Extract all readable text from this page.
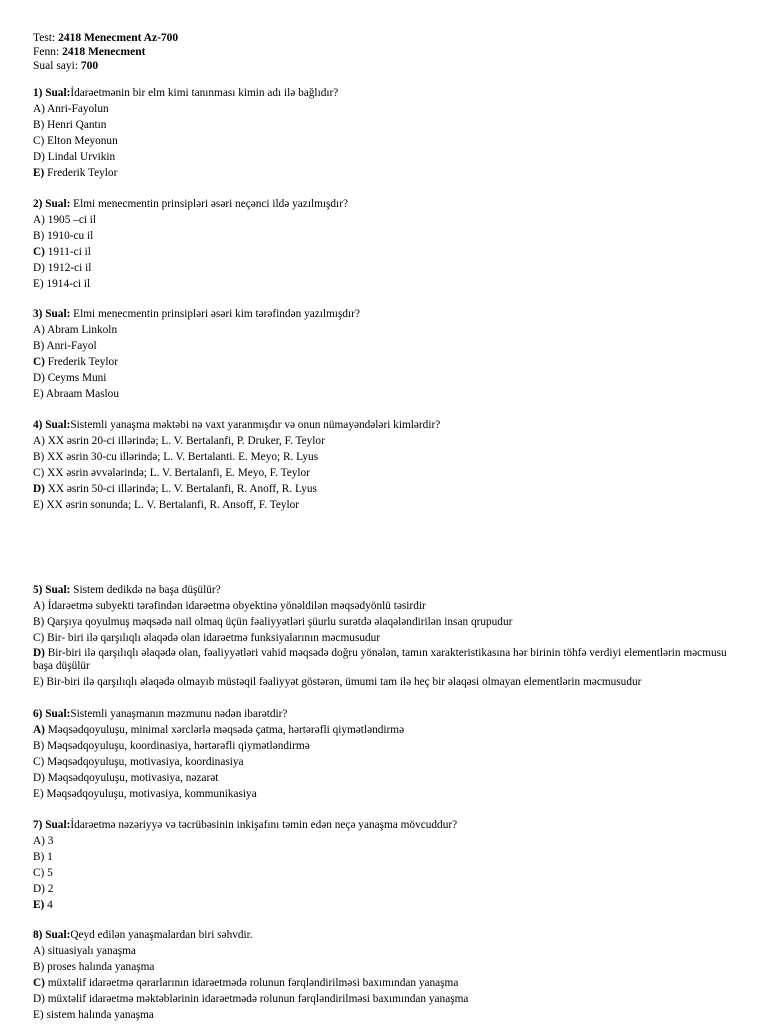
Test: 2418 Menecment Az-700
Fenn: 2418 Menecment
Sual sayi: 700
1) Sual:İdarəetmənin bir elm kimi tanınması kimin adı ilə bağlıdır?
A) Anri-Fayolun
B) Henri Qantın
C) Elton Meyonun
D) Lindal Urvikin
E) Frederik Teylor
2) Sual: Elmi menecmentin prinsipləri əsəri neçənci ildə yazılmışdır?
A) 1905 –ci il
B) 1910-cu il
C) 1911-ci il
D) 1912-ci il
E) 1914-ci il
3) Sual: Elmi menecmentin prinsipləri əsəri kim tərəfindən yazılmışdır?
A) Abram Linkoln
B) Anri-Fayol
C) Frederik Teylor
D) Ceyms Muni
E) Abraam Maslou
4) Sual:Sistemli yanaşma məktəbi nə vaxt yaranmışdır və onun nümayəndələri kimlərdir?
A) XX əsrin 20-ci illərində; L. V. Bertalanfi, P. Druker, F. Teylor
B) XX əsrin 30-cu illərində; L. V. Bertalanti. E. Meyo; R. Lyus
C) XX əsrin əvvələrində; L. V. Bertalanfi, E. Meyo, F. Teylor
D) XX əsrin 50-ci illərində; L. V. Bertalanfi, R. Anoff, R. Lyus
E) XX əsrin sonunda; L. V. Bertalanfi, R. Ansoff, F. Teylor
5) Sual: Sistem dedikdə nə başa düşülür?
A) İdarəetmə subyekti tərəfindən idarəetmə obyektinə yönəldilən məqsədyönlü təsirdir
B) Qarşıya qoyulmuş məqsədə nail olmaq üçün fəaliyyətləri şüurlu surətdə əlaqələndirilən insan qrupudur
C) Bir- biri ilə qarşılıqlı əlaqədə olan idarəetmə funksiyalarının məcmusudur
D) Bir-biri ilə qarşılıqlı əlaqədə olan, fəaliyyətləri vahid məqsədə doğru yönələn, tamın xarakteristikasına hər birinin töhfə verdiyi elementlərin məcmusu başa düşülür
E) Bir-biri ilə qarşılıqlı əlaqədə olmayıb müstəqil fəaliyyət göstərən, ümumi tam ilə heç bir əlaqəsi olmayan elementlərin məcmusudur
6) Sual:Sistemli yanaşmanın məzmunu nədən ibarətdir?
A) Məqsədqoyuluşu, minimal xərclərlə məqsədə çatma, hərtərəfli qiymətləndirmə
B) Məqsədqoyuluşu, koordinasiya, hərtərəfli qiymətləndirmə
C) Məqsədqoyuluşu, motivasiya, koordinasiya
D) Məqsədqoyuluşu, motivasiya, nəzarət
E) Məqsədqoyuluşu, motivasiya, kommunikasiya
7) Sual:İdarəetmə nəzəriyyə və təcrübəsinin inkişafını təmin edən neçə yanaşma mövcuddur?
A) 3
B) 1
C) 5
D) 2
E) 4
8) Sual:Qeyd edilən yanaşmalardan biri səhvdir.
A) situasiyalı yanaşma
B) proses halında yanaşma
C) müxtəlif idarəetmə qərarlarının idarəetmədə rolunun fərqləndirilməsi baxımından yanaşma
D) müxtəlif idarəetmə məktəblərinin idarəetmədə rolunun fərqləndirilməsi baxımından yanaşma
E) sistem halında yanaşma
